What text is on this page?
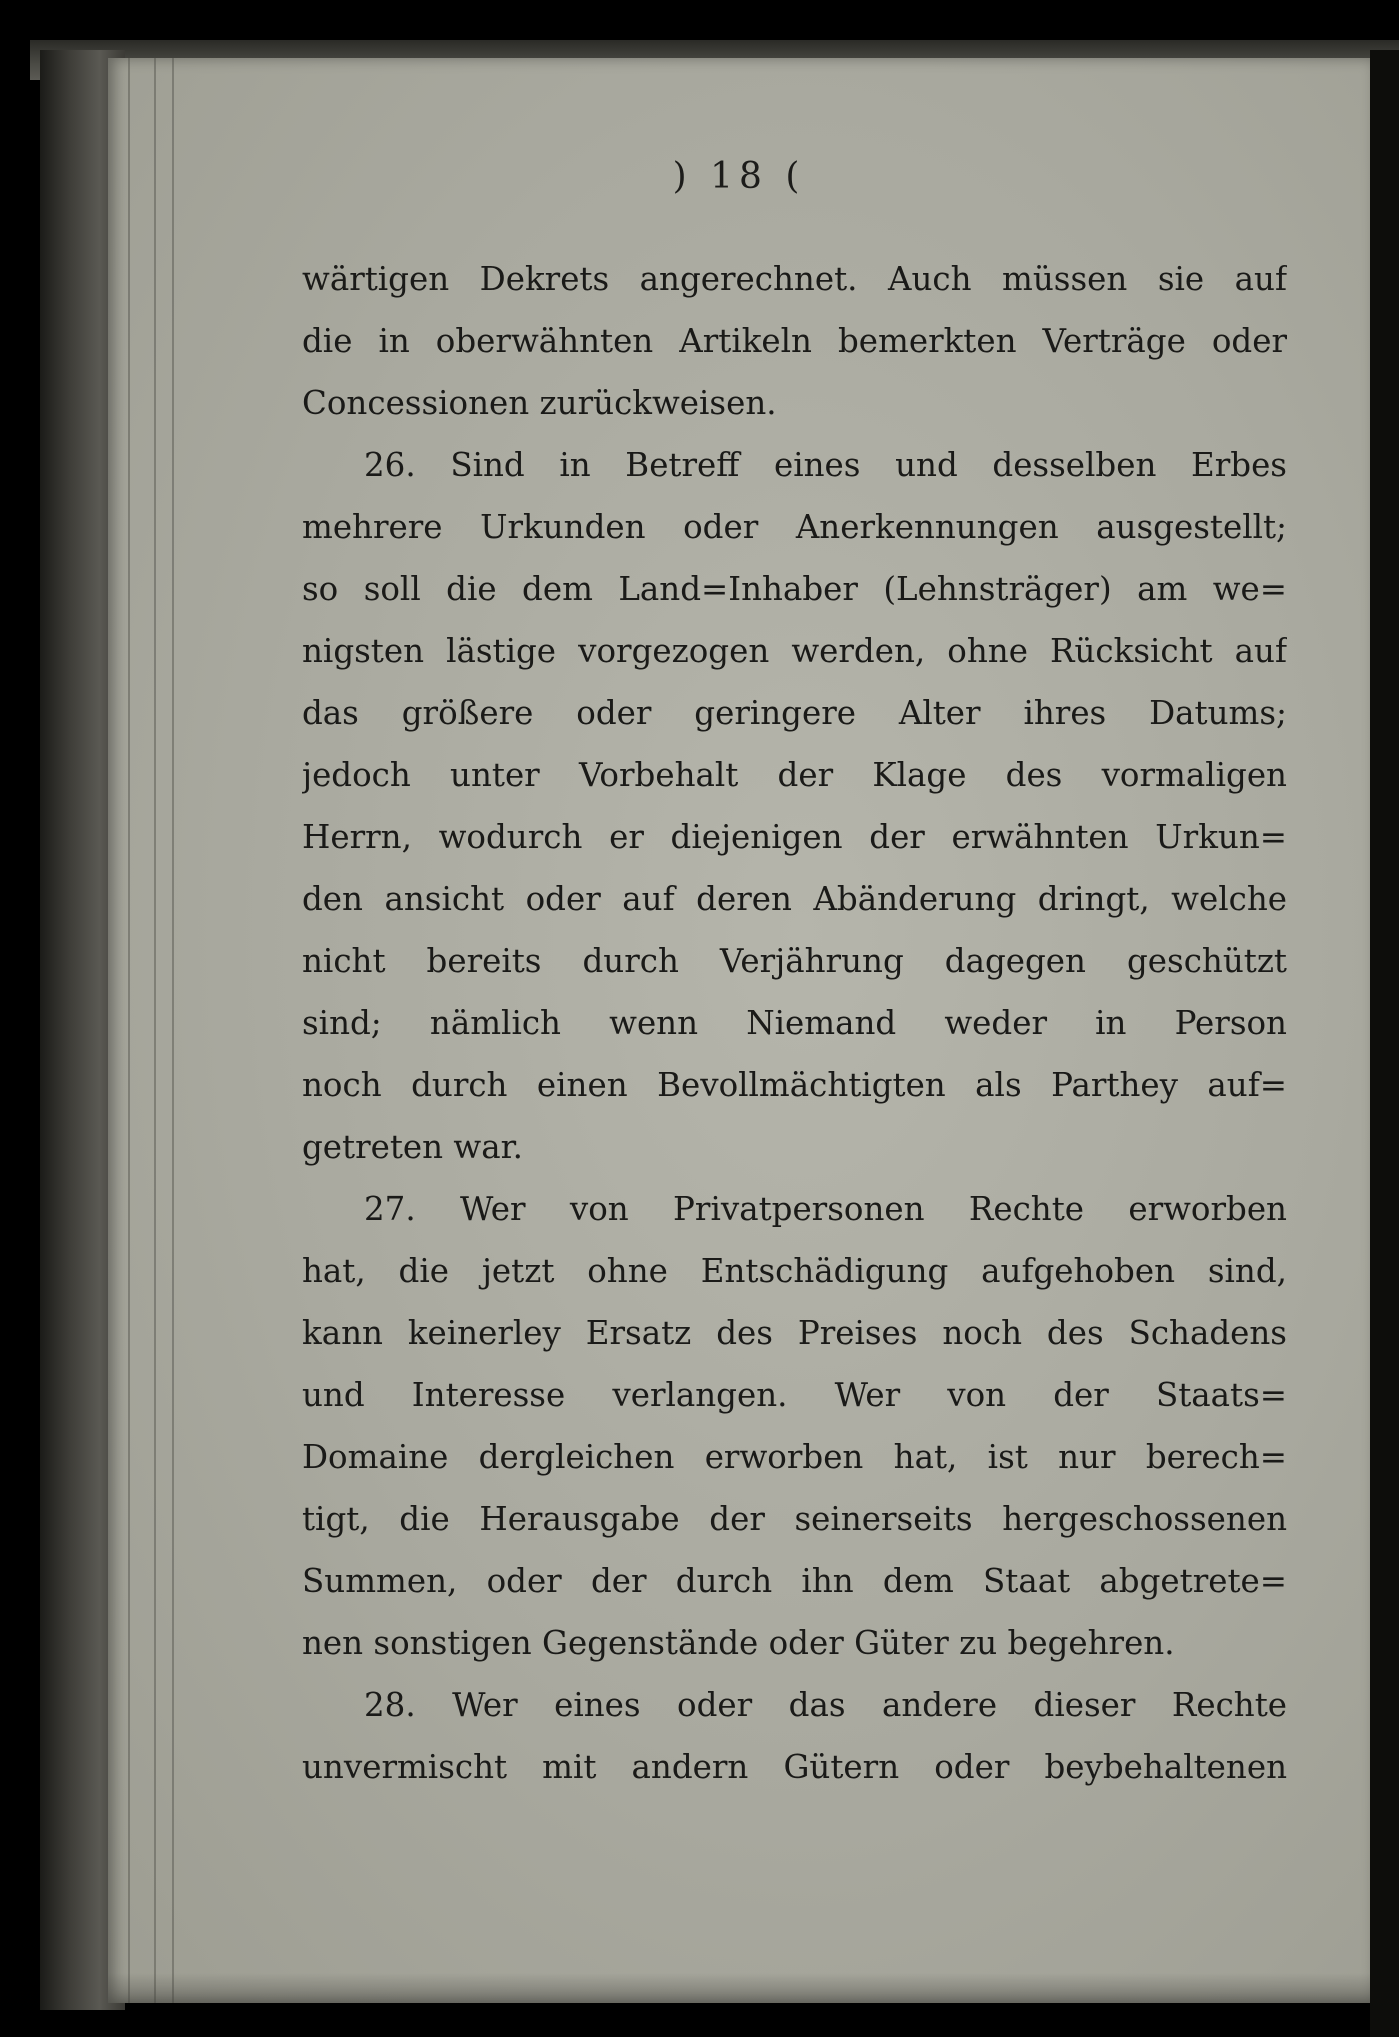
) 18 (
wärtigen Dekrets angerechnet. Auch müssen sie auf
die in oberwähnten Artikeln bemerkten Verträge oder
Concessionen zurückweisen.
26. Sind in Betreff eines und desselben Erbes
mehrere Urkunden oder Anerkennungen ausgestellt;
so soll die dem Land=Inhaber (Lehnsträger) am we=
nigsten lästige vorgezogen werden, ohne Rücksicht auf
das größere oder geringere Alter ihres Datums;
jedoch unter Vorbehalt der Klage des vormaligen
Herrn, wodurch er diejenigen der erwähnten Urkun=
den ansicht oder auf deren Abänderung dringt, welche
nicht bereits durch Verjährung dagegen geschützt
sind; nämlich wenn Niemand weder in Person
noch durch einen Bevollmächtigten als Parthey auf=
getreten war.
27. Wer von Privatpersonen Rechte erworben
hat, die jetzt ohne Entschädigung aufgehoben sind,
kann keinerley Ersatz des Preises noch des Schadens
und Interesse verlangen. Wer von der Staats=
Domaine dergleichen erworben hat, ist nur berech=
tigt, die Herausgabe der seinerseits hergeschossenen
Summen, oder der durch ihn dem Staat abgetrete=
nen sonstigen Gegenstände oder Güter zu begehren.
28. Wer eines oder das andere dieser Rechte
unvermischt mit andern Gütern oder beybehaltenen
